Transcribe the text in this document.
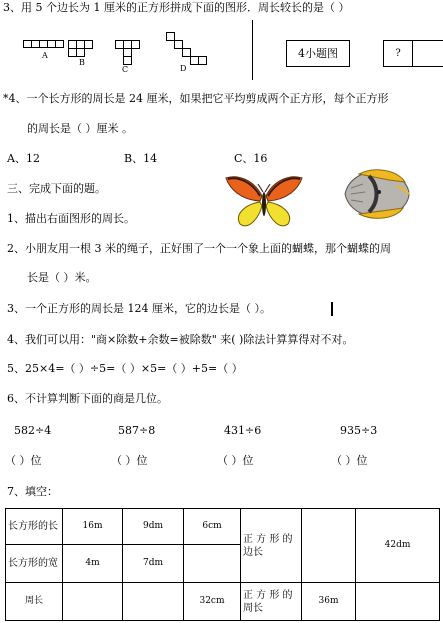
3、用 5 个边长为 1 厘米的正方形拼成下面的图形．周长较长的是（ ）
A
B
C	D
4小题图	?
*4、一个长方形的周长是 24 厘米，如果把它平均剪成两个正方形，每个正方形
的周长是（ ）厘米 。
A、12	B、14	C、16
三、完成下面的题。
1、描出右面图形的周长。
2、小朋友用一根 3 米的绳子，正好围了一个一个象上面的蝴蝶，那个蝴蝶的周
长是（ ）米。
3、一个正方形的周长是 124 厘米，它的边长是（ ）。
4、我们可以用："商×除数+余数=被除数" 来( )除法计算算得对不对。
5、25×4=（ ）÷5=（ ）×5=（ ）+5=（ ）
6、不计算判断下面的商是几位。
582÷4	587÷8	431÷6	935÷3
（ ）位	（ ）位	（ ）位	（ ）位
7、填空：
长方形的长	16m	9dm	6cm	正 方 形 的 边长		42dm
长方形的宽	4m	7dm				
周长			32cm	正 方 形 的 周长	36m	
